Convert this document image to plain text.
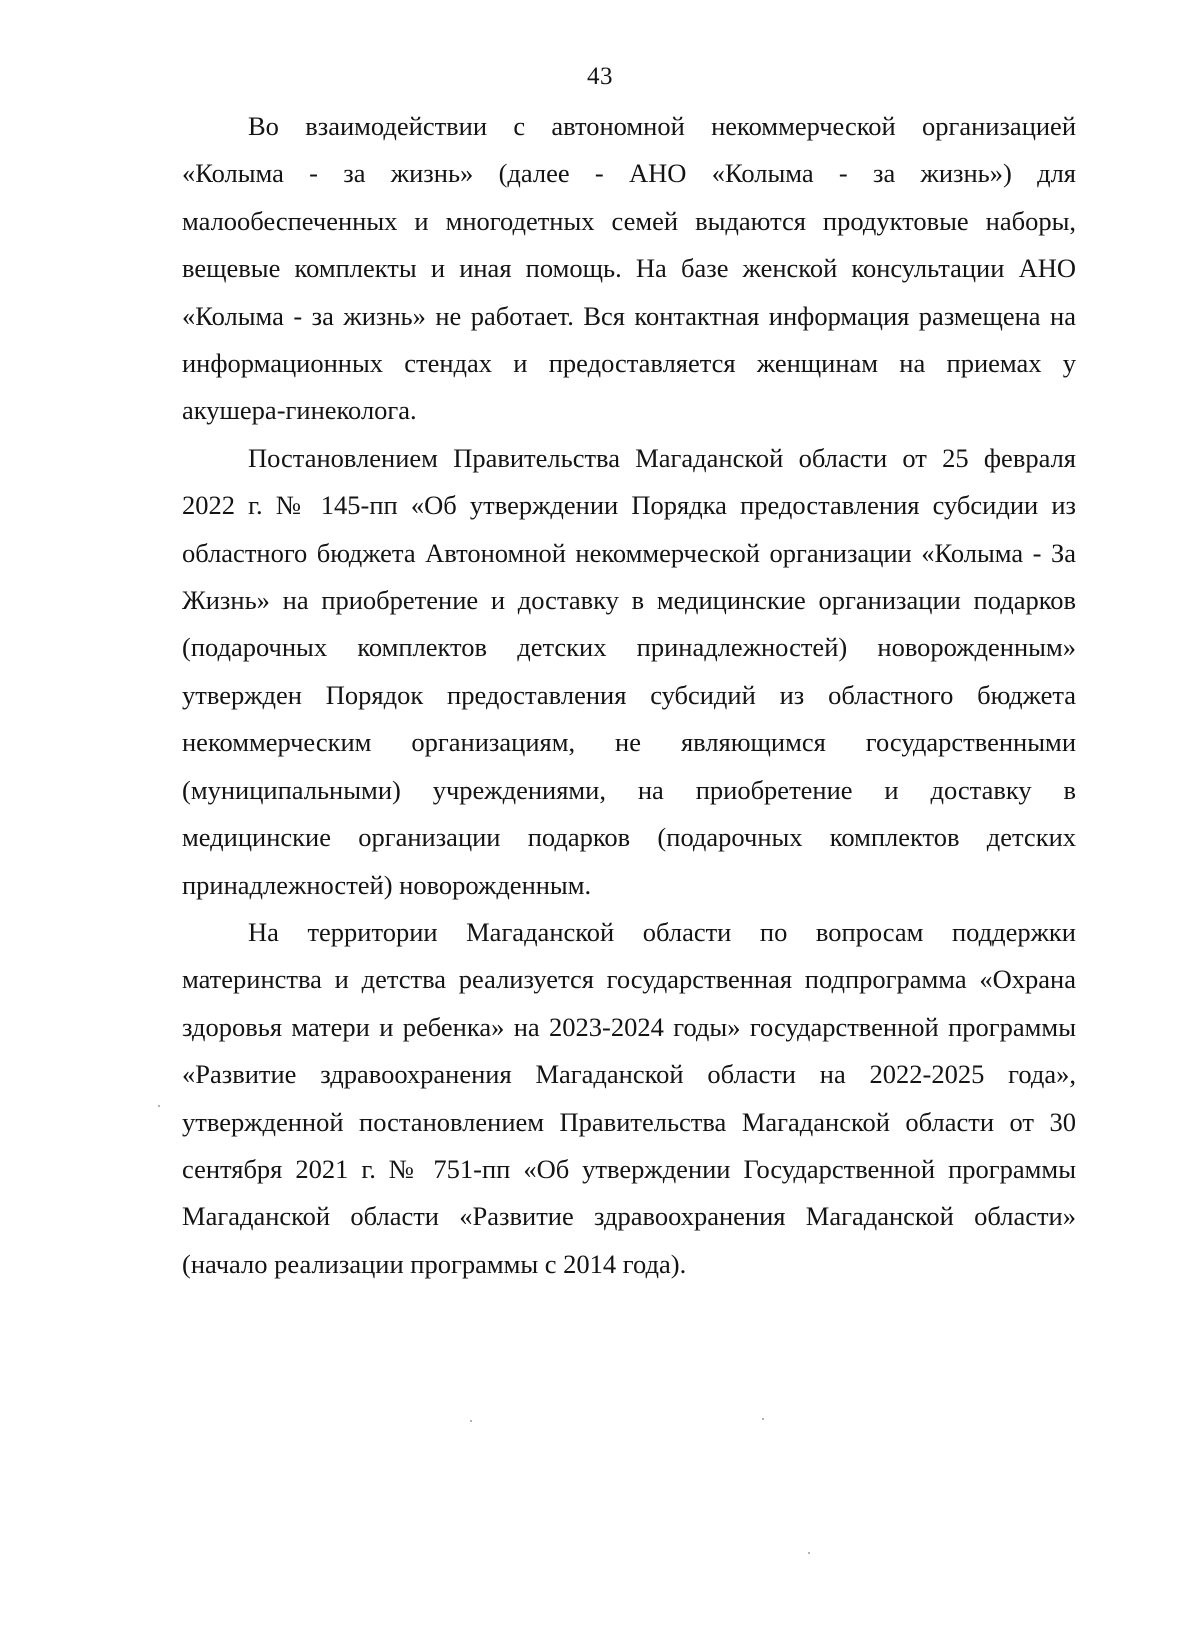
43

Во взаимодействии с автономной некоммерческой организацией «Колыма - за жизнь» (далее - АНО «Колыма - за жизнь») для малообеспеченных и многодетных семей выдаются продуктовые наборы, вещевые комплекты и иная помощь. На базе женской консультации АНО «Колыма - за жизнь» не работает. Вся контактная информация размещена на информационных стендах и предоставляется женщинам на приемах у акушера-гинеколога.

Постановлением Правительства Магаданской области от 25 февраля 2022 г. № 145-пп «Об утверждении Порядка предоставления субсидии из областного бюджета Автономной некоммерческой организации «Колыма - За Жизнь» на приобретение и доставку в медицинские организации подарков (подарочных комплектов детских принадлежностей) новорожденным» утвержден Порядок предоставления субсидий из областного бюджета некоммерческим организациям, не являющимся государственными (муниципальными) учреждениями, на приобретение и доставку в медицинские организации подарков (подарочных комплектов детских принадлежностей) новорожденным.

На территории Магаданской области по вопросам поддержки материнства и детства реализуется государственная подпрограмма «Охрана здоровья матери и ребенка» на 2023-2024 годы» государственной программы «Развитие здравоохранения Магаданской области на 2022-2025 года», утвержденной постановлением Правительства Магаданской области от 30 сентября 2021 г. № 751-пп «Об утверждении Государственной программы Магаданской области «Развитие здравоохранения Магаданской области» (начало реализации программы с 2014 года).
